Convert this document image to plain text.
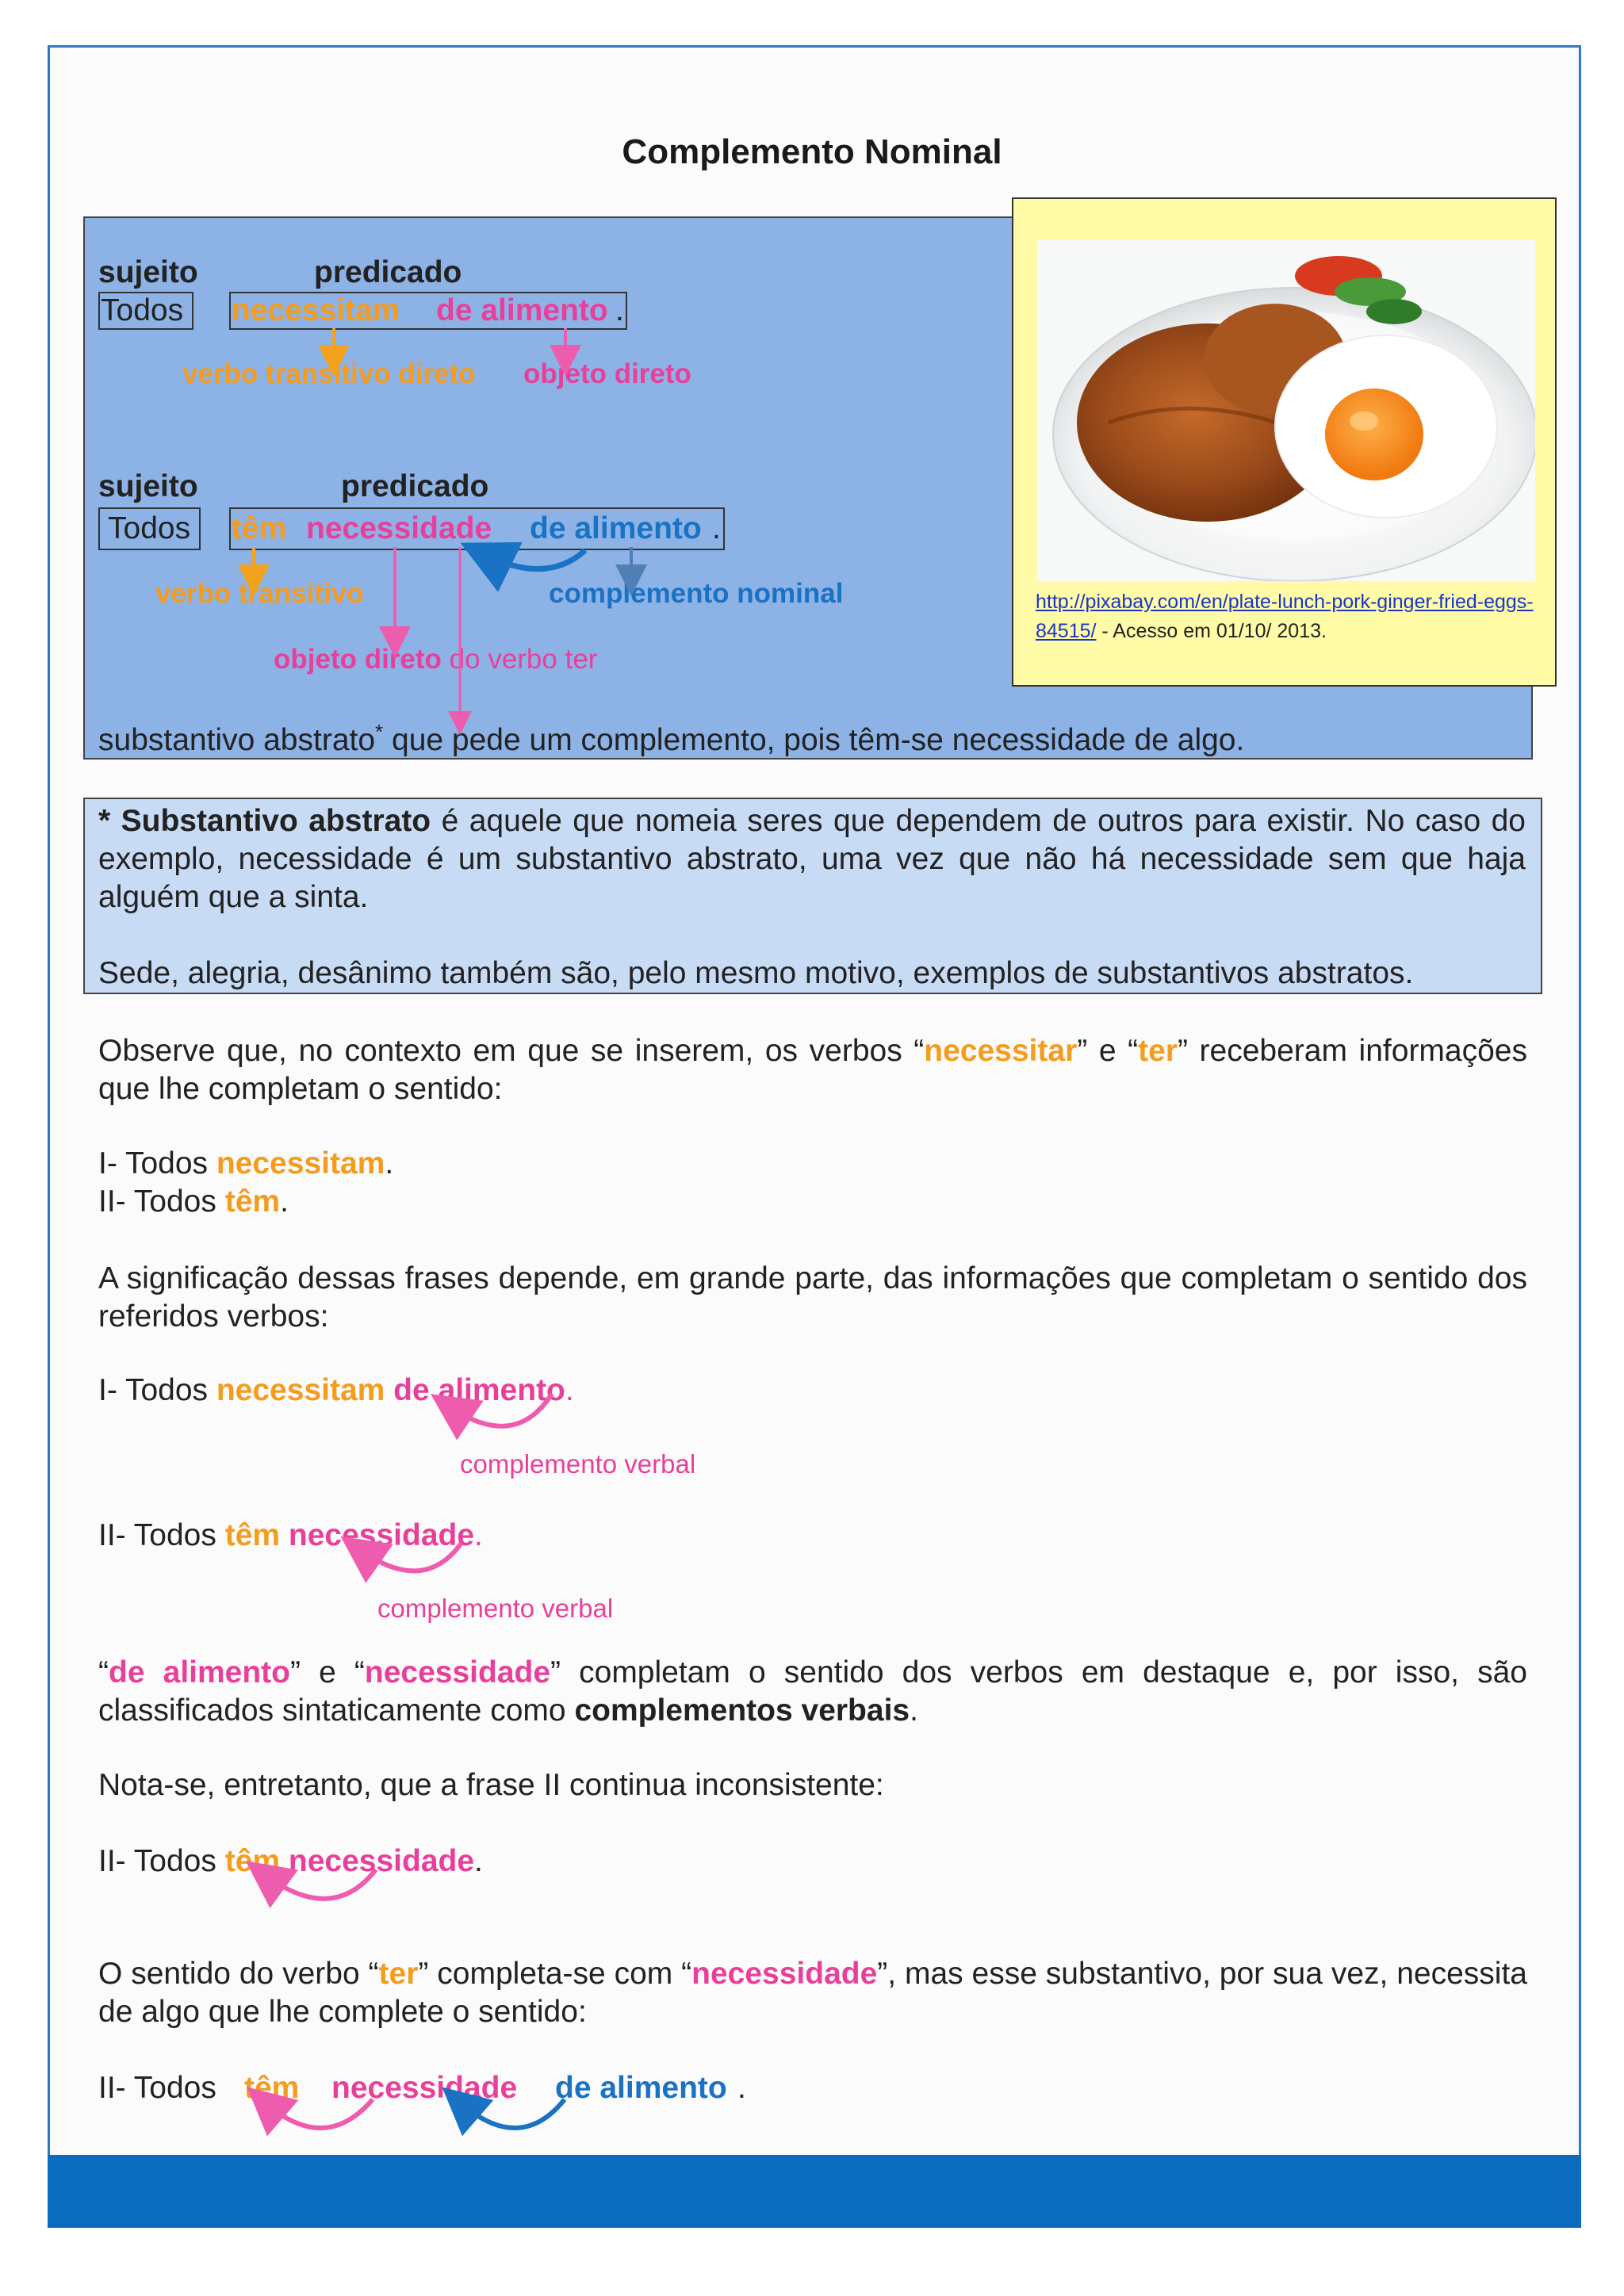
Complemento Nominal
sujeito	predicado
Todos necessitam de alimento .
verbo transitivo direto objeto direto
sujeito	predicado
Todos têm necessidade de alimento .
verbo transitivo	complemento nominal
objeto direto do verbo ter
substantivo abstrato* que pede um complemento, pois têm-se necessidade de algo.
http://pixabay.com/en/plate-lunch-pork-ginger-fried-eggs-84515/ - Acesso em 01/10/ 2013.
* Substantivo abstrato é aquele que nomeia seres que dependem de outros para existir. No caso do exemplo, necessidade é um substantivo abstrato, uma vez que não há necessidade sem que haja alguém que a sinta.
Sede, alegria, desânimo também são, pelo mesmo motivo, exemplos de substantivos abstratos.
Observe que, no contexto em que se inserem, os verbos “necessitar” e “ter” receberam informações que lhe completam o sentido:
I- Todos necessitam.
II- Todos têm.
A significação dessas frases depende, em grande parte, das informações que completam o sentido dos referidos verbos:
I- Todos necessitam de alimento.
complemento verbal
II- Todos têm necessidade.
complemento verbal
“de alimento” e “necessidade” completam o sentido dos verbos em destaque e, por isso, são classificados sintaticamente como complementos verbais.
Nota-se, entretanto, que a frase II continua inconsistente:
II- Todos têm necessidade.
O sentido do verbo “ter” completa-se com “necessidade”, mas esse substantivo, por sua vez, necessita de algo que lhe complete o sentido:
II- Todos têm necessidade de alimento .
